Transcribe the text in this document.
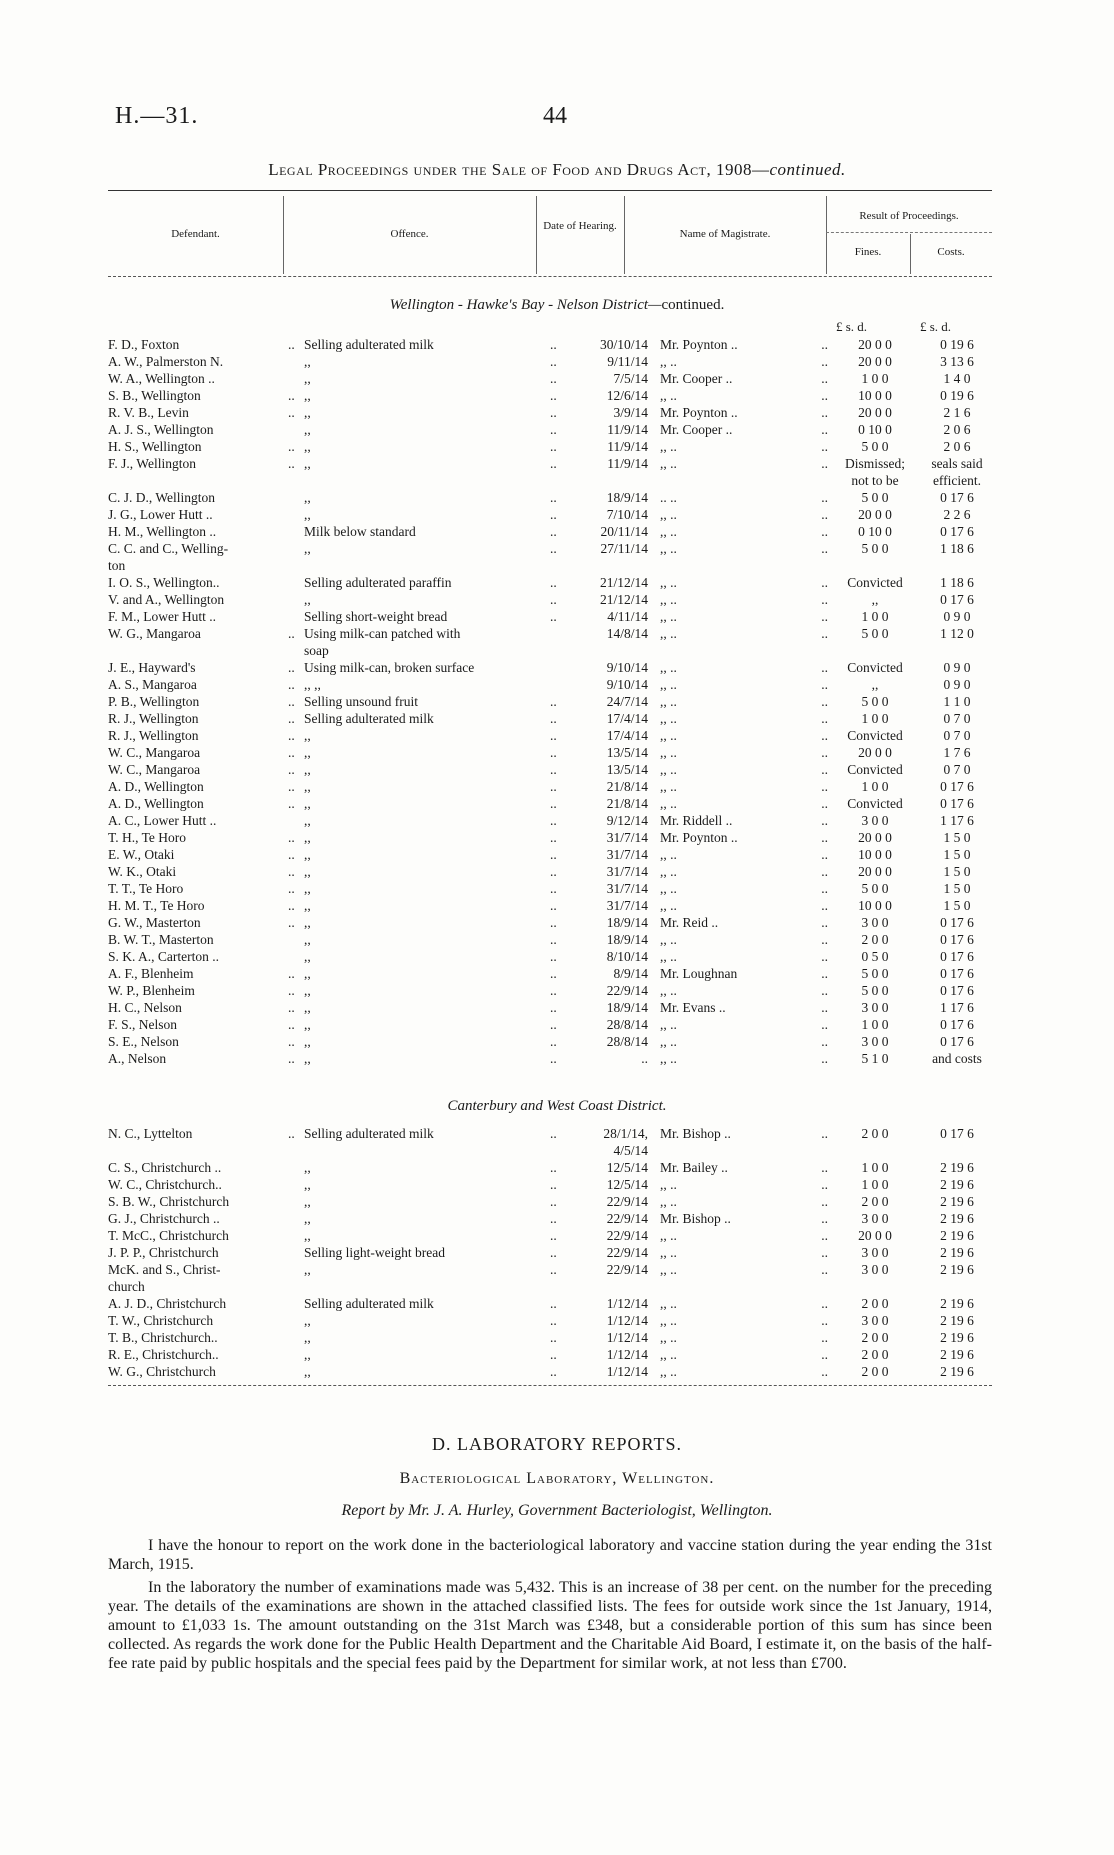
H.—31.	44
Legal Proceedings under the Sale of Food and Drugs Act, 1908—continued.
Defendant.	Offence.
Date of Hearing.
Name of Magistrate.
Result of Proceedings.
Fines.	Costs.
Wellington - Hawke's Bay - Nelson District—continued.
£ s. d.	£ s. d.
F. D., Foxton	..	Selling adulterated milk	..	30/10/14	Mr. Poynton ..	..	20 0 0	0 19 6
A. W., Palmerston N.		,,	..	9/11/14	,, ..	..	20 0 0	3 13 6
W. A., Wellington ..		,,	..	7/5/14	Mr. Cooper ..	..	1 0 0	1 4 0
S. B., Wellington	..	,,	..	12/6/14	,, ..	..	10 0 0	0 19 6
R. V. B., Levin	..	,,	..	3/9/14	Mr. Poynton ..	..	20 0 0	2 1 6
A. J. S., Wellington		,,	..	11/9/14	Mr. Cooper ..	..	0 10 0	2 0 6
H. S., Wellington	..	,,	..	11/9/14	,, ..	..	5 0 0	2 0 6
F. J., Wellington	..	,,	..	11/9/14	,, ..	..	Dismissed;	seals said
							not to be	efficient.
C. J. D., Wellington		,,	..	18/9/14	.. ..	..	5 0 0	0 17 6
J. G., Lower Hutt ..		,,	..	7/10/14	,, ..	..	20 0 0	2 2 6
H. M., Wellington ..		Milk below standard	..	20/11/14	,, ..	..	0 10 0	0 17 6
C. C. and C., Welling-		,,	..	27/11/14	,, ..	..	5 0 0	1 18 6
ton								
I. O. S., Wellington..		Selling adulterated paraffin	..	21/12/14	,, ..	..	Convicted	1 18 6
V. and A., Wellington		,,	..	21/12/14	,, ..	..	,,	0 17 6
F. M., Lower Hutt ..		Selling short-weight bread	..	4/11/14	,, ..	..	1 0 0	0 9 0
W. G., Mangaroa	..	Using milk-can patched with		14/8/14	,, ..	..	5 0 0	1 12 0
		soap						
J. E., Hayward's	..	Using milk-can, broken surface		9/10/14	,, ..	..	Convicted	0 9 0
A. S., Mangaroa	..	,, ,,		9/10/14	,, ..	..	,,	0 9 0
P. B., Wellington	..	Selling unsound fruit	..	24/7/14	,, ..	..	5 0 0	1 1 0
R. J., Wellington	..	Selling adulterated milk	..	17/4/14	,, ..	..	1 0 0	0 7 0
R. J., Wellington	..	,,	..	17/4/14	,, ..	..	Convicted	0 7 0
W. C., Mangaroa	..	,,	..	13/5/14	,, ..	..	20 0 0	1 7 6
W. C., Mangaroa	..	,,	..	13/5/14	,, ..	..	Convicted	0 7 0
A. D., Wellington	..	,,	..	21/8/14	,, ..	..	1 0 0	0 17 6
A. D., Wellington	..	,,	..	21/8/14	,, ..	..	Convicted	0 17 6
A. C., Lower Hutt ..		,,	..	9/12/14	Mr. Riddell ..	..	3 0 0	1 17 6
T. H., Te Horo	..	,,	..	31/7/14	Mr. Poynton ..	..	20 0 0	1 5 0
E. W., Otaki	..	,,	..	31/7/14	,, ..	..	10 0 0	1 5 0
W. K., Otaki	..	,,	..	31/7/14	,, ..	..	20 0 0	1 5 0
T. T., Te Horo	..	,,	..	31/7/14	,, ..	..	5 0 0	1 5 0
H. M. T., Te Horo	..	,,	..	31/7/14	,, ..	..	10 0 0	1 5 0
G. W., Masterton	..	,,	..	18/9/14	Mr. Reid ..	..	3 0 0	0 17 6
B. W. T., Masterton		,,	..	18/9/14	,, ..	..	2 0 0	0 17 6
S. K. A., Carterton ..		,,	..	8/10/14	,, ..	..	0 5 0	0 17 6
A. F., Blenheim	..	,,	..	8/9/14	Mr. Loughnan	..	5 0 0	0 17 6
W. P., Blenheim	..	,,	..	22/9/14	,, ..	..	5 0 0	0 17 6
H. C., Nelson	..	,,	..	18/9/14	Mr. Evans ..	..	3 0 0	1 17 6
F. S., Nelson	..	,,	..	28/8/14	,, ..	..	1 0 0	0 17 6
S. E., Nelson	..	,,	..	28/8/14	,, ..	..	3 0 0	0 17 6
A., Nelson	..	,,	..	..	,, ..	..	5 1 0	and costs
Canterbury and West Coast District.
N. C., Lyttelton	..	Selling adulterated milk	..	28/1/14,	Mr. Bishop ..	..	2 0 0	0 17 6
				4/5/14				
C. S., Christchurch ..		,,	..	12/5/14	Mr. Bailey ..	..	1 0 0	2 19 6
W. C., Christchurch..		,,	..	12/5/14	,, ..	..	1 0 0	2 19 6
S. B. W., Christchurch		,,	..	22/9/14	,, ..	..	2 0 0	2 19 6
G. J., Christchurch ..		,,	..	22/9/14	Mr. Bishop ..	..	3 0 0	2 19 6
T. McC., Christchurch		,,	..	22/9/14	,, ..	..	20 0 0	2 19 6
J. P. P., Christchurch		Selling light-weight bread	..	22/9/14	,, ..	..	3 0 0	2 19 6
McK. and S., Christ-		,,	..	22/9/14	,, ..	..	3 0 0	2 19 6
church								
A. J. D., Christchurch		Selling adulterated milk	..	1/12/14	,, ..	..	2 0 0	2 19 6
T. W., Christchurch		,,	..	1/12/14	,, ..	..	3 0 0	2 19 6
T. B., Christchurch..		,,	..	1/12/14	,, ..	..	2 0 0	2 19 6
R. E., Christchurch..		,,	..	1/12/14	,, ..	..	2 0 0	2 19 6
W. G., Christchurch		,,	..	1/12/14	,, ..	..	2 0 0	2 19 6
D. LABORATORY REPORTS.
Bacteriological Laboratory, Wellington.
Report by Mr. J. A. Hurley, Government Bacteriologist, Wellington.
I have the honour to report on the work done in the bacteriological laboratory and vaccine station during the year ending the 31st March, 1915.
In the laboratory the number of examinations made was 5,432. This is an increase of 38 per cent. on the number for the preceding year. The details of the examinations are shown in the attached classified lists. The fees for outside work since the 1st January, 1914, amount to £1,033 1s. The amount outstanding on the 31st March was £348, but a considerable portion of this sum has since been collected. As regards the work done for the Public Health Department and the Charitable Aid Board, I estimate it, on the basis of the half-fee rate paid by public hospitals and the special fees paid by the Department for similar work, at not less than £700.
